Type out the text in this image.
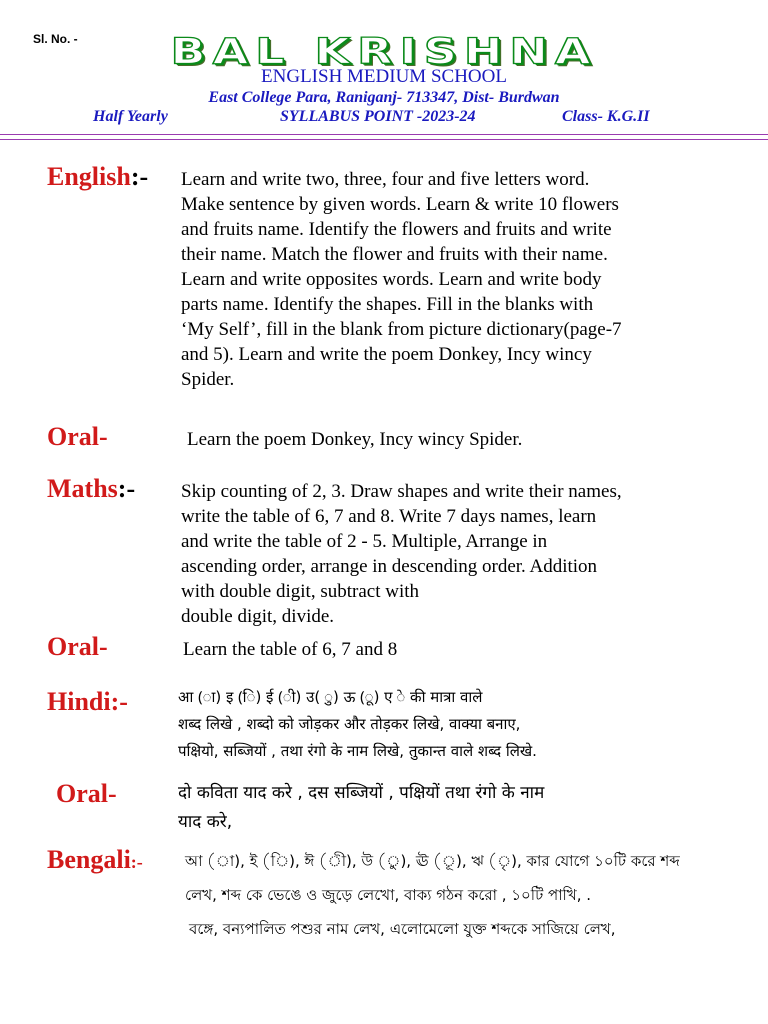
Sl. No. -	BAL KRISHNA
ENGLISH MEDIUM SCHOOL
East College Para, Raniganj- 713347, Dist- Burdwan
Half Yearly	SYLLABUS POINT -2023-24	Class- K.G.II
English:- Learn and write two, three, four and five letters word.
Make sentence by given words. Learn & write 10 flowers
and fruits name. Identify the flowers and fruits and write
their name. Match the flower and fruits with their name.
Learn and write opposites words. Learn and write body
parts name. Identify the shapes. Fill in the blanks with
‘My Self’, fill in the blank from picture dictionary(page-7
and 5). Learn and write the poem Donkey, Incy wincy
Spider.
Oral-	Learn the poem Donkey, Incy wincy Spider.
Maths:- Skip counting of 2, 3. Draw shapes and write their names,
write the table of 6, 7 and 8. Write 7 days names, learn
and write the table of 2 - 5. Multiple, Arrange in
ascending order, arrange in descending order. Addition
with double digit, subtract with
double digit, divide.
Oral-	Learn the table of 6, 7 and 8
Hindi:-	आ (ा) इ (ि) ई (ी) उ( ु) ऊ (ू) ए े की मात्रा वाले
शब्द लिखे , शब्दो को जोड़कर और तोड़कर लिखे, वाक्या बनाए,
पक्षियो, सब्जियों , तथा रंगो के नाम लिखे, तुकान्त वाले शब्द लिखे.
Oral-	दो कविता याद करे , दस सब्जियों , पक्षियों तथा रंगो के नाम
याद करे,
Bengali:-	আ (া), ই (ি), ঈ (ী), উ (ু), ঊ (ূ), ঋ (ৃ), কার যোগে ১০টি করে শব্দ
লেখ, শব্দ কে ভেঙে ও জুড়ে লেখো, বাক্য গঠন করো , ১০টি পাখি, .
বঙ্গে, বন্যপালিত পশুর নাম লেখ, এলোমেলো যুক্ত শব্দকে সাজিয়ে লেখ,
